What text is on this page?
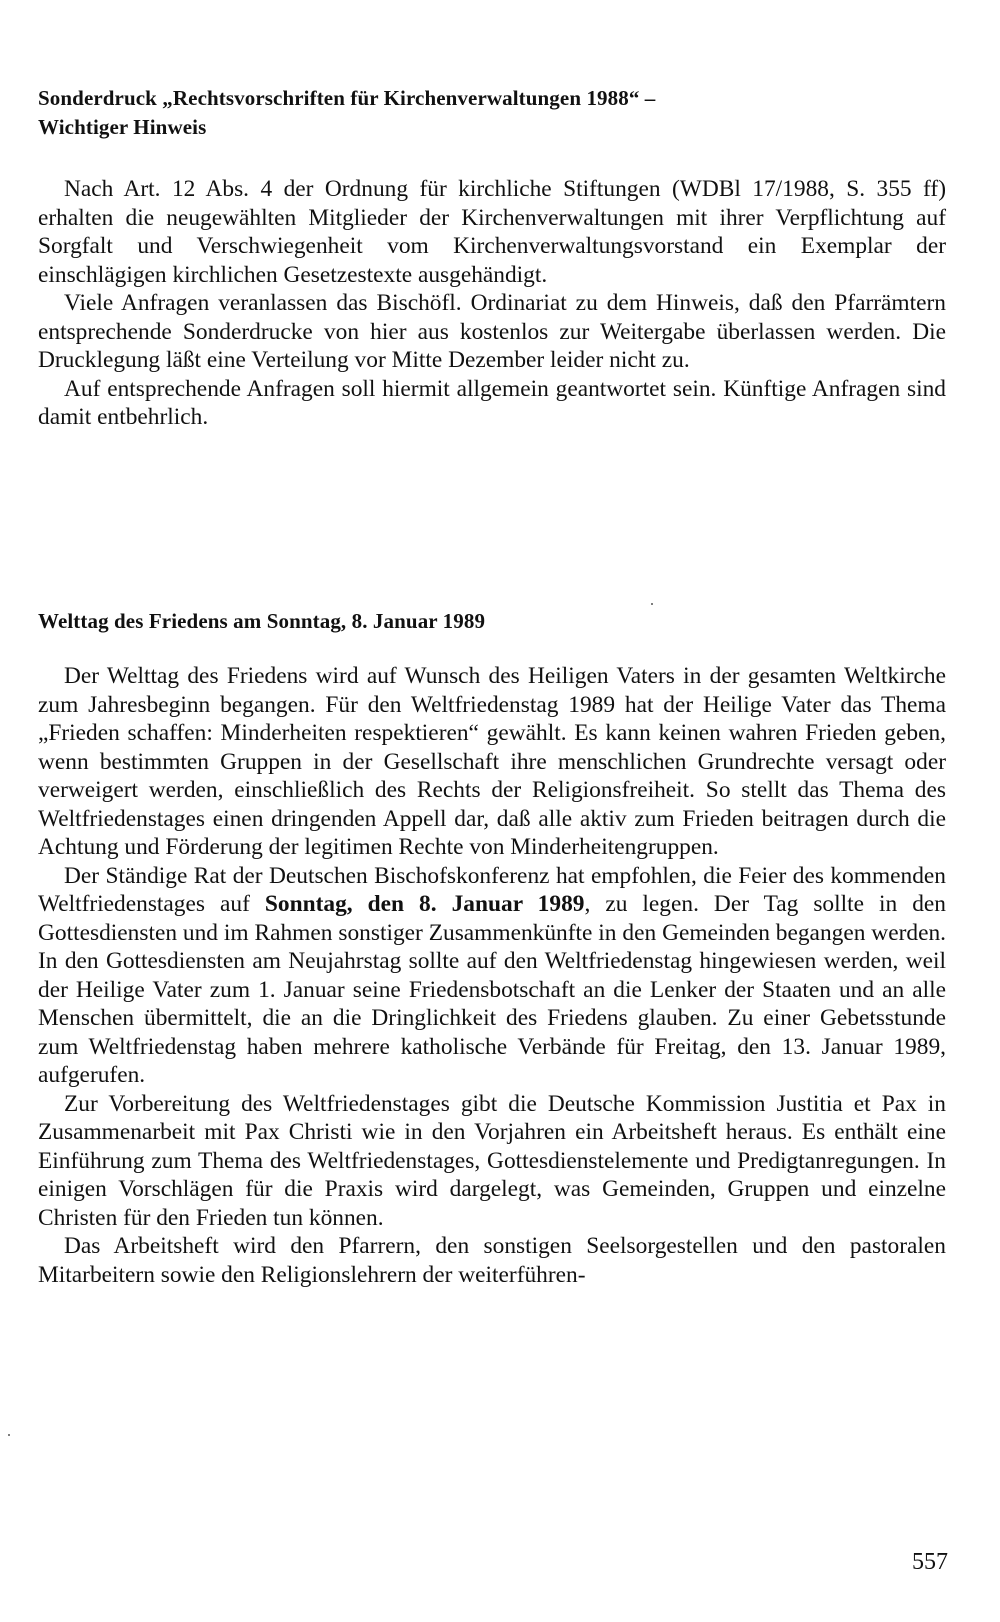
Sonderdruck „Rechtsvorschriften für Kirchenverwaltungen 1988“ –
Wichtiger Hinweis

Nach Art. 12 Abs. 4 der Ordnung für kirchliche Stiftungen (WDBl 17/1988, S. 355 ff) erhalten die neugewählten Mitglieder der Kirchenverwaltungen mit ihrer Verpflichtung auf Sorgfalt und Verschwiegenheit vom Kirchenverwaltungsvorstand ein Exemplar der einschlägigen kirchlichen Gesetzestexte ausgehändigt.

Viele Anfragen veranlassen das Bischöfl. Ordinariat zu dem Hinweis, daß den Pfarrämtern entsprechende Sonderdrucke von hier aus kostenlos zur Weitergabe überlassen werden. Die Drucklegung läßt eine Verteilung vor Mitte Dezember leider nicht zu.

Auf entsprechende Anfragen soll hiermit allgemein geantwortet sein. Künftige Anfragen sind damit entbehrlich.

Welttag des Friedens am Sonntag, 8. Januar 1989

Der Welttag des Friedens wird auf Wunsch des Heiligen Vaters in der gesamten Weltkirche zum Jahresbeginn begangen. Für den Weltfriedenstag 1989 hat der Heilige Vater das Thema „Frieden schaffen: Minderheiten respektieren“ gewählt. Es kann keinen wahren Frieden geben, wenn bestimmten Gruppen in der Gesellschaft ihre menschlichen Grundrechte versagt oder verweigert werden, einschließlich des Rechts der Religionsfreiheit. So stellt das Thema des Weltfriedenstages einen dringenden Appell dar, daß alle aktiv zum Frieden beitragen durch die Achtung und Förderung der legitimen Rechte von Minderheitengruppen.

Der Ständige Rat der Deutschen Bischofskonferenz hat empfohlen, die Feier des kommenden Weltfriedenstages auf Sonntag, den 8. Januar 1989, zu legen. Der Tag sollte in den Gottesdiensten und im Rahmen sonstiger Zusammenkünfte in den Gemeinden begangen werden. In den Gottesdiensten am Neujahrstag sollte auf den Weltfriedenstag hingewiesen werden, weil der Heilige Vater zum 1. Januar seine Friedensbotschaft an die Lenker der Staaten und an alle Menschen übermittelt, die an die Dringlichkeit des Friedens glauben. Zu einer Gebetsstunde zum Weltfriedenstag haben mehrere katholische Verbände für Freitag, den 13. Januar 1989, aufgerufen.

Zur Vorbereitung des Weltfriedenstages gibt die Deutsche Kommission Justitia et Pax in Zusammenarbeit mit Pax Christi wie in den Vorjahren ein Arbeitsheft heraus. Es enthält eine Einführung zum Thema des Weltfriedenstages, Gottesdienstelemente und Predigtanregungen. In einigen Vorschlägen für die Praxis wird dargelegt, was Gemeinden, Gruppen und einzelne Christen für den Frieden tun können.

Das Arbeitsheft wird den Pfarrern, den sonstigen Seelsorgestellen und den pastoralen Mitarbeitern sowie den Religionslehrern der weiterführen-

557
